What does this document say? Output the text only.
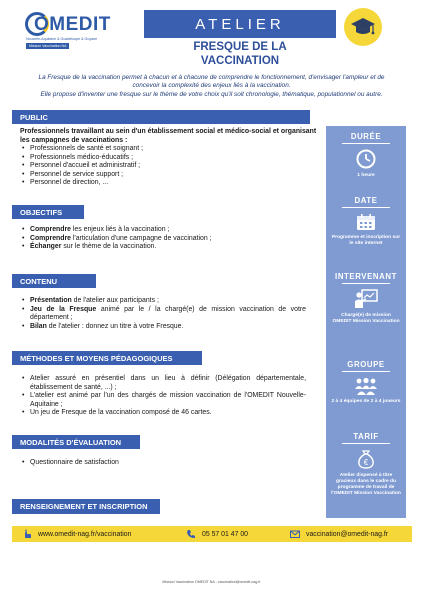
OMEDIT
Nouvelle-Aquitaine & Guadeloupe & Guyane
Mission Vaccination NA
ATELIER
FRESQUE DE LA
VACCINATION
La Fresque de la vaccination permet à chacun et à chacune de comprendre le fonctionnement, d'envisager l'ampleur et de
concevoir la complexité des enjeux liés à la vaccination.
Elle propose d'inventer une fresque sur le thème de votre choix qu'il soit chronologie, thématique, populationnel ou autre.
PUBLIC
Professionnels travaillant au sein d'un établissement social et médico-social et organisant les campagnes de vaccinations :
• Professionnels de santé et soignant ;
• Professionnels médico-éducatifs ;
• Personnel d'accueil et administratif ;
• Personnel de service support ;
• Personnel de direction, ...
OBJECTIFS
• Comprendre les enjeux liés à la vaccination ;
• Comprendre l'articulation d'une campagne de vaccination ;
• Échanger sur le thème de la vaccination.
CONTENU
• Présentation de l'atelier aux participants ;
• Jeu de la Fresque animé par le / la chargé(e) de mission vaccination de votre département ;
• Bilan de l'atelier : donnez un titre à votre Fresque.
MÉTHODES ET MOYENS PÉDAGOGIQUES
• Atelier assuré en présentiel dans un lieu à définir (Délégation départementale, établissement de santé, ...) ;
• L'atelier est animé par l'un des chargés de mission vaccination de l'OMEDIT Nouvelle-Aquitaine ;
• Un jeu de Fresque de la vaccination composé de 46 cartes.
MODALITÉS D'ÉVALUATION
• Questionnaire de satisfaction
RENSEIGNEMENT ET INSCRIPTION
DURÉE
1 heure
DATE
Programme et inscription sur le site internet
INTERVENANT
Chargé(e) de mission OMEDIT Mission Vaccination
GROUPE
2 à 4 équipes de 2 à 4 joueurs
TARIF
€
Atelier dispensé à titre gracieux dans le cadre du programme de travail de l'OMEDIT Mission Vaccination
www.omedit-nag.fr/vaccination	05 57 01 47 00	vaccination@omedit-nag.fr
Mission Vaccination OMEDIT NA - vaccination@omedit-nag.fr
